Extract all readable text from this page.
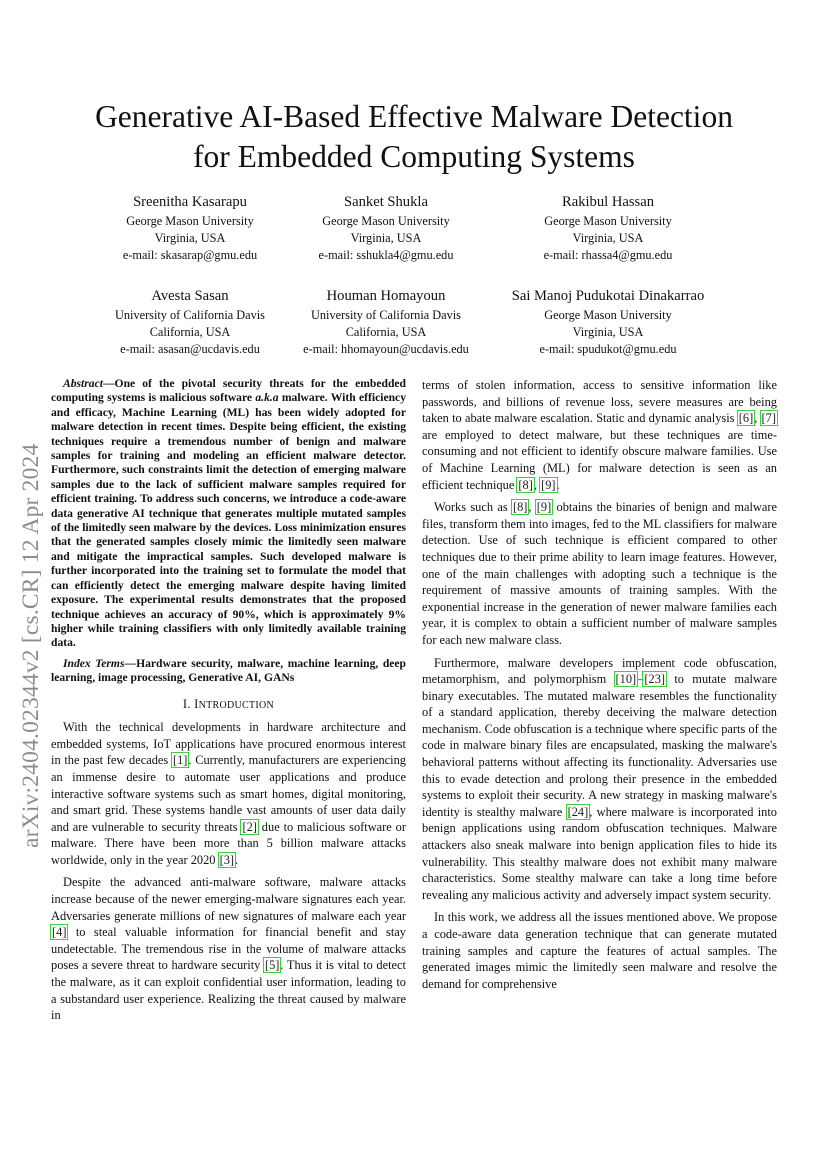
arXiv:2404.02344v2 [cs.CR] 12 Apr 2024
Generative AI-Based Effective Malware Detection
for Embedded Computing Systems
Sreenitha Kasarapu
George Mason University
Virginia, USA
e-mail: skasarap@gmu.edu
Sanket Shukla
George Mason University
Virginia, USA
e-mail: sshukla4@gmu.edu
Rakibul Hassan
George Mason University
Virginia, USA
e-mail: rhassa4@gmu.edu
Avesta Sasan
University of California Davis
California, USA
e-mail: asasan@ucdavis.edu
Houman Homayoun
University of California Davis
California, USA
e-mail: hhomayoun@ucdavis.edu
Sai Manoj Pudukotai Dinakarrao
George Mason University
Virginia, USA
e-mail: spudukot@gmu.edu

Abstract—One of the pivotal security threats for the embedded computing systems is malicious software a.k.a malware. With efficiency and efficacy, Machine Learning (ML) has been widely adopted for malware detection in recent times. Despite being efficient, the existing techniques require a tremendous number of benign and malware samples for training and modeling an efficient malware detector. Furthermore, such constraints limit the detection of emerging malware samples due to the lack of sufficient malware samples required for efficient training. To address such concerns, we introduce a code-aware data generative AI technique that generates multiple mutated samples of the limitedly seen malware by the devices. Loss minimization ensures that the generated samples closely mimic the limitedly seen malware and mitigate the impractical samples. Such developed malware is further incorporated into the training set to formulate the model that can efficiently detect the emerging malware despite having limited exposure. The experimental results demonstrates that the proposed technique achieves an accuracy of 90%, which is approximately 9% higher while training classifiers with only limitedly available training data.

Index Terms—Hardware security, malware, machine learning, deep learning, image processing, Generative AI, GANs

I. INTRODUCTION

With the technical developments in hardware architecture and embedded systems, IoT applications have procured enormous interest in the past few decades [1]. Currently, manufacturers are experiencing an immense desire to automate user applications and produce interactive software systems such as smart homes, digital monitoring, and smart grid. These systems handle vast amounts of user data daily and are vulnerable to security threats [2] due to malicious software or malware. There have been more than 5 billion malware attacks worldwide, only in the year 2020 [3].

Despite the advanced anti-malware software, malware attacks increase because of the newer emerging-malware signatures each year. Adversaries generate millions of new signatures of malware each year [4] to steal valuable information for financial benefit and stay undetectable. The tremendous rise in the volume of malware attacks poses a severe threat to hardware security [5]. Thus it is vital to detect the malware, as it can exploit confidential user information, leading to a substandard user experience. Realizing the threat caused by malware in

terms of stolen information, access to sensitive information like passwords, and billions of revenue loss, severe measures are being taken to abate malware escalation. Static and dynamic analysis [6], [7] are employed to detect malware, but these techniques are time-consuming and not efficient to identify obscure malware families. Use of Machine Learning (ML) for malware detection is seen as an efficient technique [8], [9].

Works such as [8], [9] obtains the binaries of benign and malware files, transform them into images, fed to the ML classifiers for malware detection. Use of such technique is efficient compared to other techniques due to their prime ability to learn image features. However, one of the main challenges with adopting such a technique is the requirement of massive amounts of training samples. With the exponential increase in the generation of newer malware families each year, it is complex to obtain a sufficient number of malware samples for each new malware class.

Furthermore, malware developers implement code obfuscation, metamorphism, and polymorphism [10]–[23] to mutate malware binary executables. The mutated malware resembles the functionality of a standard application, thereby deceiving the malware detection mechanism. Code obfuscation is a technique where specific parts of the code in malware binary files are encapsulated, masking the malware's behavioral patterns without affecting its functionality. Adversaries use this to evade detection and prolong their presence in the embedded systems to exploit their security. A new strategy in masking malware's identity is stealthy malware [24], where malware is incorporated into benign applications using random obfuscation techniques. Malware attackers also sneak malware into benign application files to hide its vulnerability. This stealthy malware does not exhibit many malware characteristics. Some stealthy malware can take a long time before revealing any malicious activity and adversely impact system security.

In this work, we address all the issues mentioned above. We propose a code-aware data generation technique that can generate mutated training samples and capture the features of actual samples. The generated images mimic the limitedly seen malware and resolve the demand for comprehensive
